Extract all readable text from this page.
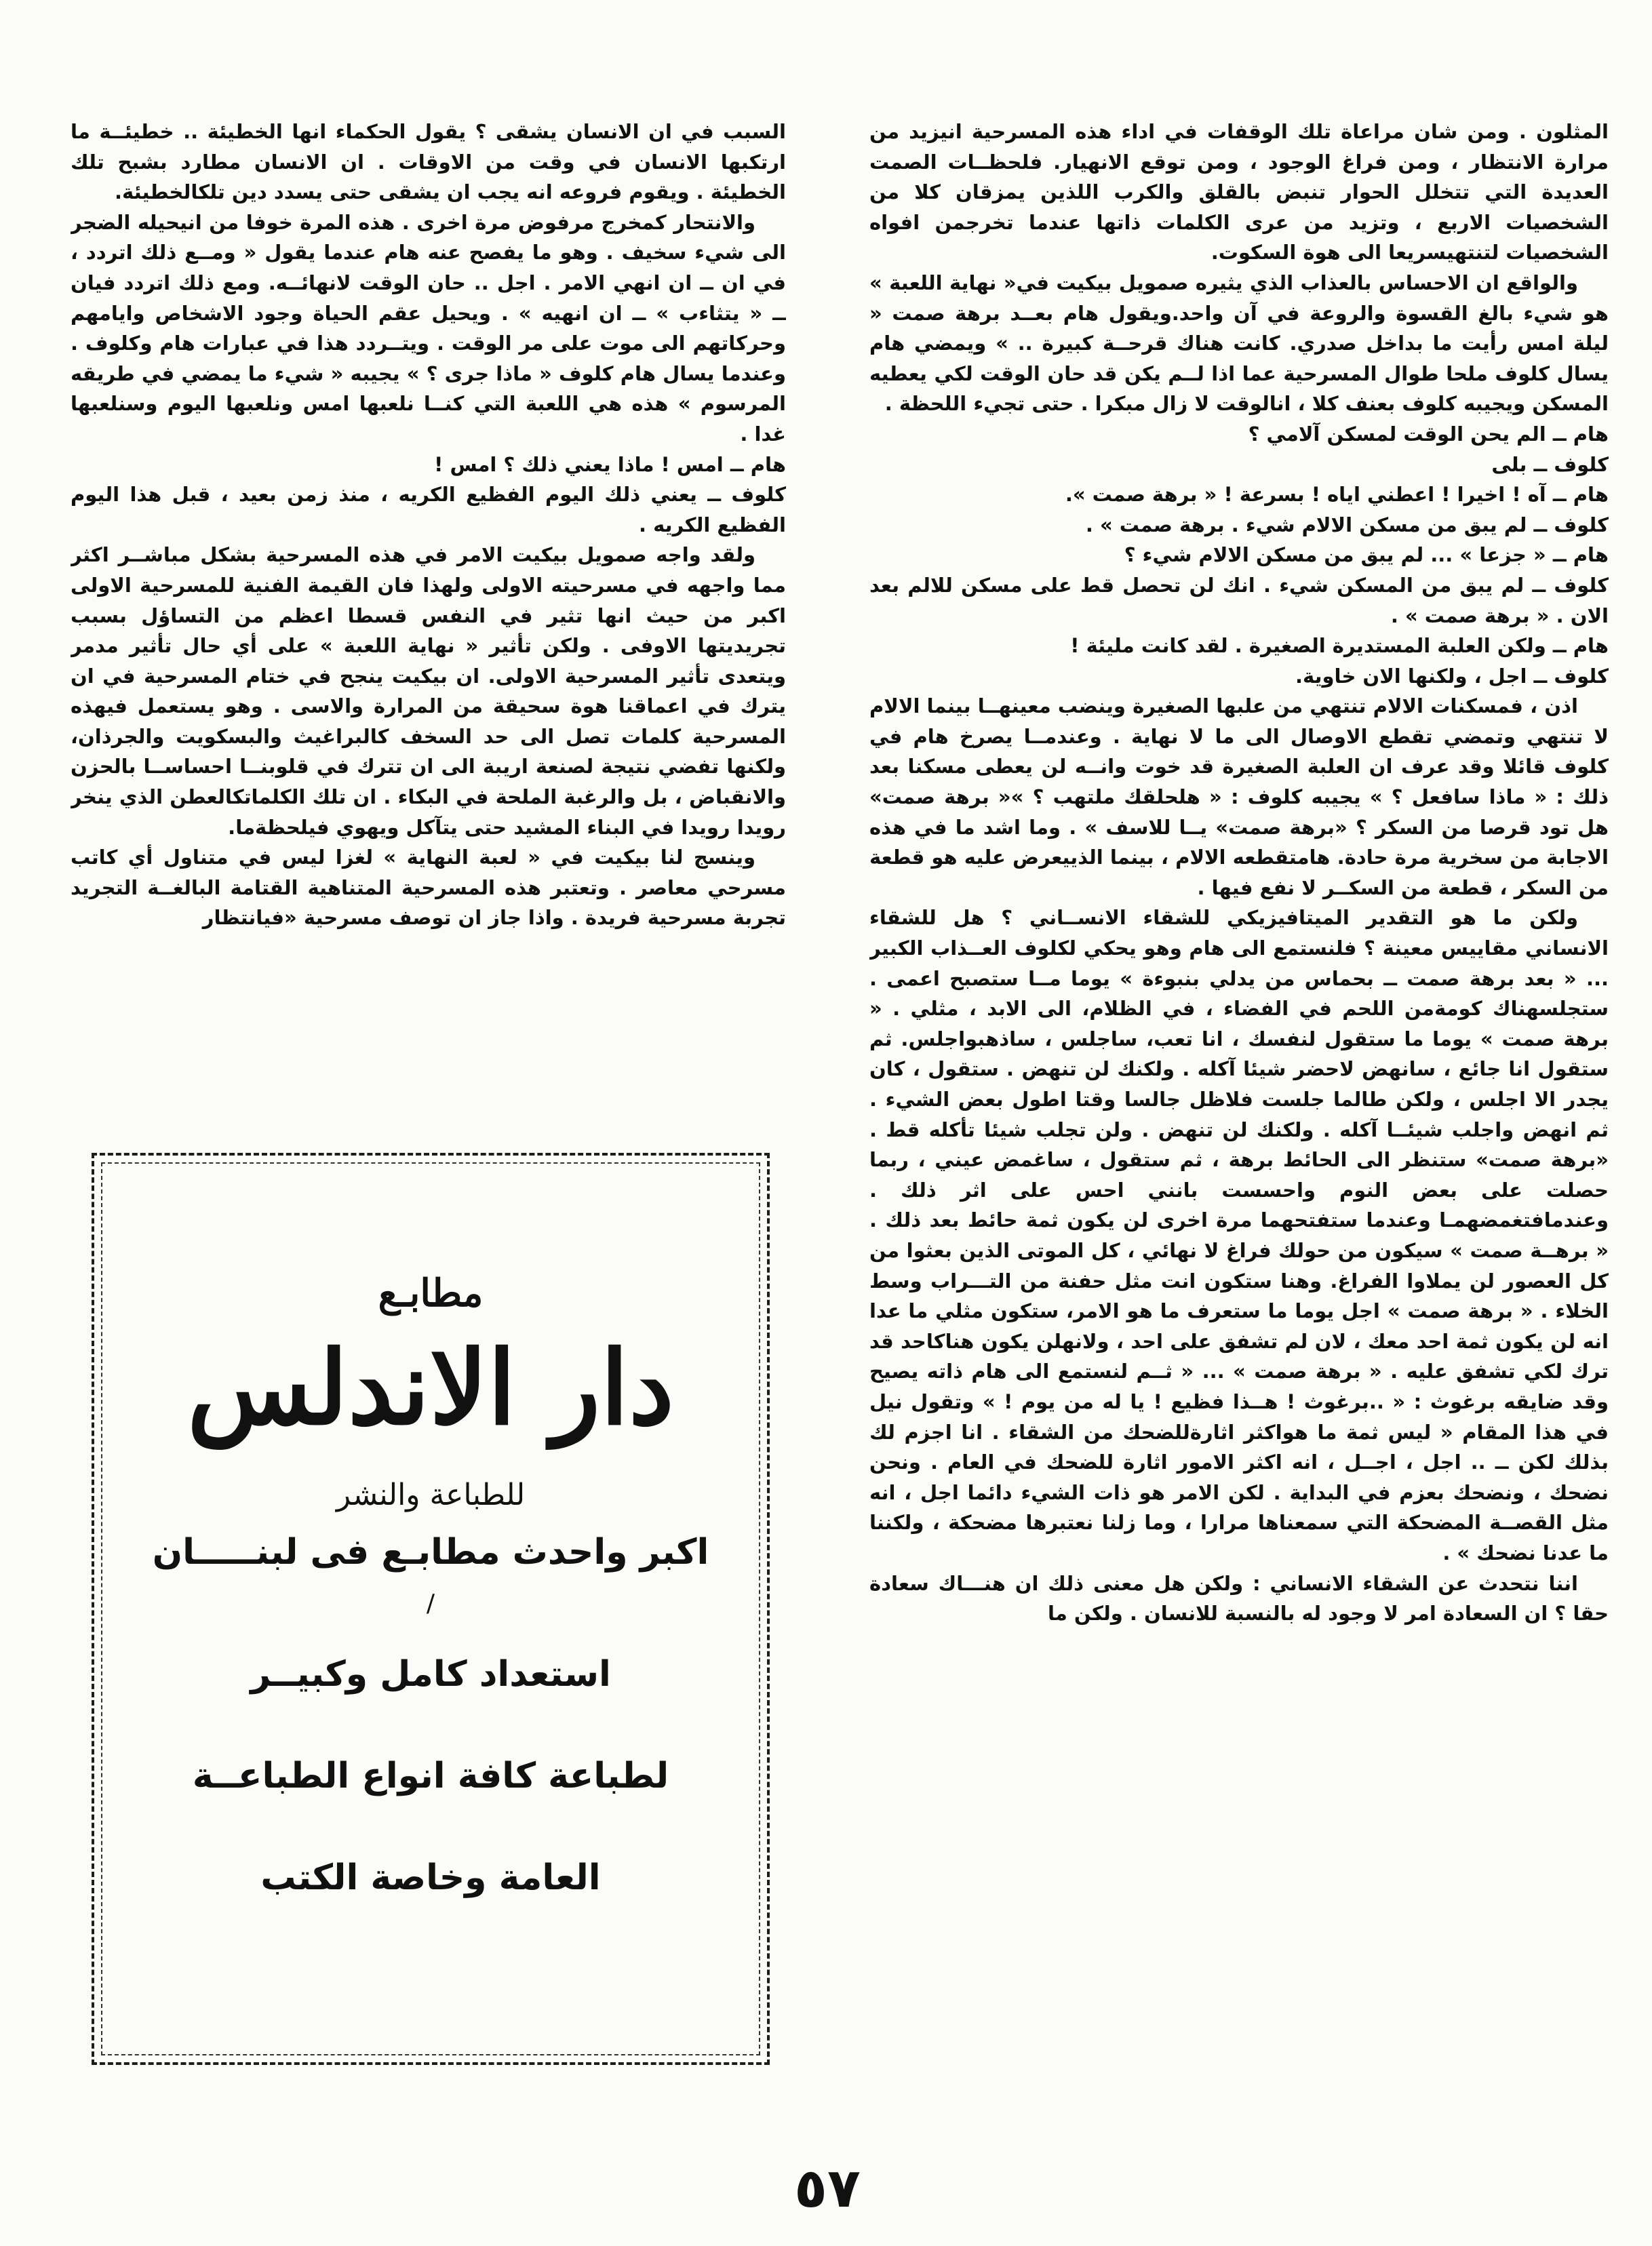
المثلون . ومن شان مراعاة تلك الوقفات في اداء هذه المسرحية انيزيد من مرارة الانتظار ، ومن فراغ الوجود ، ومن توقع الانهيار. فلحظــات الصمت العديدة التي تتخلل الحوار تنبض بالقلق والكرب اللذين يمزقان كلا من الشخصيات الاربع ، وتزيد من عرى الكلمات ذاتها عندما تخرجمن افواه الشخصيات لتنتهيسريعا الى هوة السكوت.

والواقع ان الاحساس بالعذاب الذي يثيره صمويل بيكيت في« نهاية اللعبة » هو شيء بالغ القسوة والروعة في آن واحد.ويقول هام بعــد برهة صمت « ليلة امس رأيت ما بداخل صدري. كانت هناك قرحــة كبيرة .. » ويمضي هام يسال كلوف ملحا طوال المسرحية عما اذا لــم يكن قد حان الوقت لكي يعطيه المسكن ويجيبه كلوف بعنف كلا ، انالوقت لا زال مبكرا . حتى تجيء اللحظة .

هام ــ الم يحن الوقت لمسكن آلامي ؟

كلوف ــ بلى

هام ــ آه ! اخيرا ! اعطني اياه ! بسرعة ! « برهة صمت ».

كلوف ــ لم يبق من مسكن الالام شيء . برهة صمت » .

هام ــ « جزعا » ... لم يبق من مسكن الالام شيء ؟

كلوف ــ لم يبق من المسكن شيء . انك لن تحصل قط على مسكن للالم بعد الان . « برهة صمت » .

هام ــ ولكن العلبة المستديرة الصغيرة . لقد كانت مليئة !

كلوف ــ اجل ، ولكنها الان خاوية.

اذن ، فمسكنات الالام تنتهي من علبها الصغيرة وينضب معينهــا بينما الالام لا تنتهي وتمضي تقطع الاوصال الى ما لا نهاية . وعندمــا يصرخ هام في كلوف قائلا وقد عرف ان العلبة الصغيرة قد خوت وانــه لن يعطى مسكنا بعد ذلك : « ماذا سافعل ؟ » يجيبه كلوف : « هلحلقك ملتهب ؟ »« برهة صمت» هل تود قرصا من السكر ؟ «برهة صمت» يــا للاسف » . وما اشد ما في هذه الاجابة من سخرية مرة حادة. هامتقطعه الالام ، بينما الذييعرض عليه هو قطعة من السكر ، قطعة من السكــر لا نفع فيها .

ولكن ما هو التقدير الميتافيزيكي للشقاء الانســاني ؟ هل للشقاء الانساني مقاييس معينة ؟ فلنستمع الى هام وهو يحكي لكلوف العــذاب الكبير ... « بعد برهة صمت ــ بحماس من يدلي بنبوءة » يوما مــا ستصبح اعمى . ستجلسهناك كومةمن اللحم في الفضاء ، في الظلام، الى الابد ، مثلي . « برهة صمت » يوما ما ستقول لنفسك ، انا تعب، ساجلس ، ساذهبواجلس. ثم ستقول انا جائع ، سانهض لاحضر شيئا آكله . ولكنك لن تنهض . ستقول ، كان يجدر الا اجلس ، ولكن طالما جلست فلاظل جالسا وقتا اطول بعض الشيء . ثم انهض واجلب شيئــا آكله . ولكنك لن تنهض . ولن تجلب شيئا تأكله قط . «برهة صمت» ستنظر الى الحائط برهة ، ثم ستقول ، ساغمض عيني ، ربما حصلت على بعض النوم واحسست بانني احس على اثر ذلك . وعندمافتغمضهمـا وعندما ستفتحهما مرة اخرى لن يكون ثمة حائط بعد ذلك . « برهــة صمت » سيكون من حولك فراغ لا نهائي ، كل الموتى الذين بعثوا من كل العصور لن يملاوا الفراغ. وهنا ستكون انت مثل حفنة من التـــراب وسط الخلاء . « برهة صمت » اجل يوما ما ستعرف ما هو الامر، ستكون مثلي ما عدا انه لن يكون ثمة احد معك ، لان لم تشفق على احد ، ولانهلن يكون هناكاحد قد ترك لكي تشفق عليه . « برهة صمت » ... « ثــم لنستمع الى هام ذاته يصيح وقد ضايقه برغوث : « ..برغوث ! هــذا فظيع ! يا له من يوم ! » وتقول نيل في هذا المقام « ليس ثمة ما هواكثر اثارةللضحك من الشقاء . انا اجزم لك بذلك لكن ــ .. اجل ، اجــل ، انه اكثر الامور اثارة للضحك في العام . ونحن نضحك ، ونضحك بعزم في البداية . لكن الامر هو ذات الشيء دائما اجل ، انه مثل القصــة المضحكة التي سمعناها مرارا ، وما زلنا نعتبرها مضحكة ، ولكننا ما عدنا نضحك » .

اننا نتحدث عن الشقاء الانساني : ولكن هل معنى ذلك ان هنـــاك سعادة حقا ؟ ان السعادة امر لا وجود له بالنسبة للانسان . ولكن ما

السبب في ان الانسان يشقى ؟ يقول الحكماء انها الخطيئة .. خطيئــة ما ارتكبها الانسان في وقت من الاوقات . ان الانسان مطارد بشبح تلك الخطيئة . ويقوم فروعه انه يجب ان يشقى حتى يسدد دين تلكالخطيئة.

والانتحار كمخرج مرفوض مرة اخرى . هذه المرة خوفا من انيحيله الضجر الى شيء سخيف . وهو ما يفصح عنه هام عندما يقول « ومــع ذلك اتردد ، في ان ــ ان انهي الامر . اجل .. حان الوقت لانهائــه. ومع ذلك اتردد فيان ــ « يتثاءب » ــ ان انهيه » . ويحيل عقم الحياة وجود الاشخاص وايامهم وحركاتهم الى موت على مر الوقت . ويتــردد هذا في عبارات هام وكلوف . وعندما يسال هام كلوف « ماذا جرى ؟ » يجيبه « شيء ما يمضي في طريقه المرسوم » هذه هي اللعبة التي كنــا نلعبها امس ونلعبها اليوم وسنلعبها غدا .

هام ــ امس ! ماذا يعني ذلك ؟ امس !

كلوف ــ يعني ذلك اليوم الفظيع الكريه ، منذ زمن بعيد ، قبل هذا اليوم الفظيع الكريه .

ولقد واجه صمويل بيكيت الامر في هذه المسرحية بشكل مباشــر اكثر مما واجهه في مسرحيته الاولى ولهذا فان القيمة الفنية للمسرحية الاولى اكبر من حيث انها تثير في النفس قسطا اعظم من التساؤل بسبب تجريديتها الاوفى . ولكن تأثير « نهاية اللعبة » على أي حال تأثير مدمر ويتعدى تأثير المسرحية الاولى. ان بيكيت ينجح في ختام المسرحية في ان يترك في اعماقنا هوة سحيقة من المرارة والاسى . وهو يستعمل فيهذه المسرحية كلمات تصل الى حد السخف كالبراغيث والبسكويت والجرذان، ولكنها تفضي نتيجة لصنعة اريبة الى ان تترك في قلوبنــا احساســا بالحزن والانقباض ، بل والرغبة الملحة في البكاء . ان تلك الكلماتكالعطن الذي ينخر رويدا رويدا في البناء المشيد حتى يتآكل ويهوي فيلحظةما.

وينسج لنا بيكيت في « لعبة النهاية » لغزا ليس في متناول أي كاتب مسرحي معاصر . وتعتبر هذه المسرحية المتناهية القتامة البالغــة التجريد تجربة مسرحية فريدة . واذا جاز ان توصف مسرحية «فيانتظار

مطابـع
دار الاندلس
للطباعة والنشر
اكبر واحدث مطابـع فى لبنـــــان
/
استعداد كامل وكبيــر
لطباعة كافة انواع الطباعــة
العامة وخاصة الكتب
٥٧
